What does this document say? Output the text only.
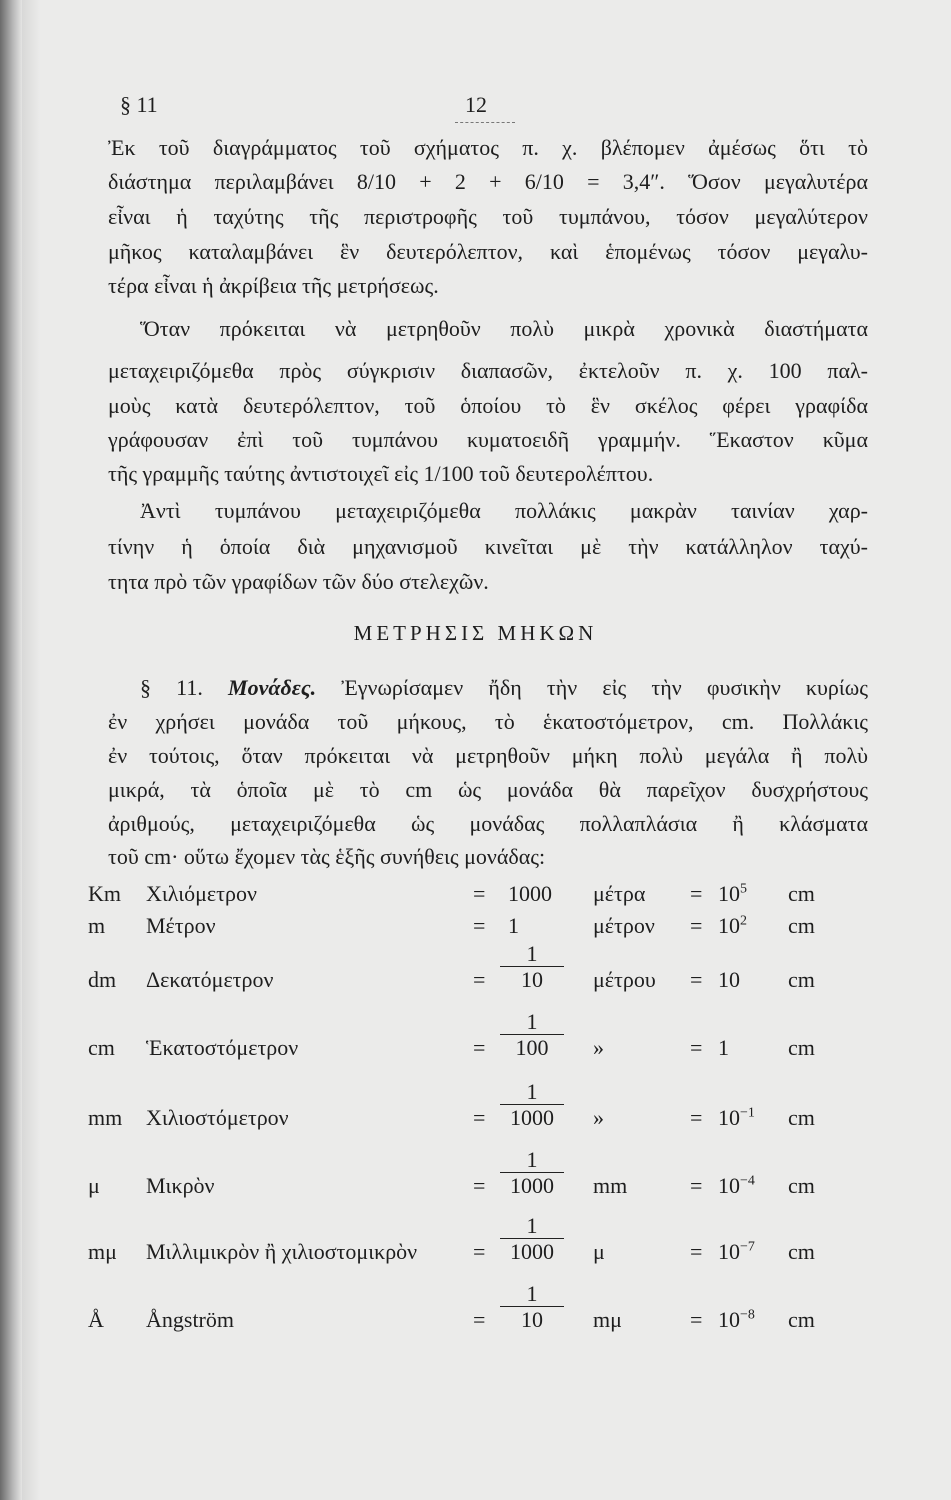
§ 11	12
Ἐκ τοῦ διαγράμματος τοῦ σχήματος π. χ. βλέπομεν ἀμέσως ὅτι τὸ
διάστημα περιλαμβάνει 8/10 + 2 + 6/10 = 3,4″. Ὅσον μεγαλυτέρα
εἶναι ἡ ταχύτης τῆς περιστροφῆς τοῦ τυμπάνου, τόσον μεγαλύτερον
μῆκος καταλαμβάνει ἓν δευτερόλεπτον, καὶ ἑπομένως τόσον μεγαλυ-
τέρα εἶναι ἡ ἀκρίβεια τῆς μετρήσεως.
Ὅταν πρόκειται νὰ μετρηθοῦν πολὺ μικρὰ χρονικὰ διαστήματα
μεταχειριζόμεθα πρὸς σύγκρισιν διαπασῶν, ἐκτελοῦν π. χ. 100 παλ-
μοὺς κατὰ δευτερόλεπτον, τοῦ ὁποίου τὸ ἓν σκέλος φέρει γραφίδα
γράφουσαν ἐπὶ τοῦ τυμπάνου κυματοειδῆ γραμμήν. Ἕκαστον κῦμα
τῆς γραμμῆς ταύτης ἀντιστοιχεῖ εἰς 1/100 τοῦ δευτερολέπτου.
Ἀντὶ τυμπάνου μεταχειριζόμεθα πολλάκις μακρὰν ταινίαν χαρ-
τίνην ἡ ὁποία διὰ μηχανισμοῦ κινεῖται μὲ τὴν κατάλληλον ταχύ-
τητα πρὸ τῶν γραφίδων τῶν δύο στελεχῶν.
ΜΕΤΡΗΣΙΣ ΜΗΚΩΝ
§ 11. Μονάδες. Ἐγνωρίσαμεν ἤδη τὴν εἰς τὴν φυσικὴν κυρίως
ἐν χρήσει μονάδα τοῦ μήκους, τὸ ἑκατοστόμετρον, cm. Πολλάκις
ἐν τούτοις, ὅταν πρόκειται νὰ μετρηθοῦν μήκη πολὺ μεγάλα ἢ πολὺ
μικρά, τὰ ὁποῖα μὲ τὸ cm ὡς μονάδα θὰ παρεῖχον δυσχρήστους
ἀριθμούς, μεταχειριζόμεθα ὡς μονάδας πολλαπλάσια ἢ κλάσματα
τοῦ cm· οὕτω ἔχομεν τὰς ἑξῆς συνήθεις μονάδας:
Km Χιλιόμετρον	= 1000 $\mu έ\tau\rho\alpha = 10^5$ cm
m Μέτρον	= 1	$\mu έ\tau\rho o\nu = 10^2$ cm
dm Δεκατόμετρον	= $\frac{1}{10}$ μέτρου = 10 cm
cm Ἑκατοστόμετρον	= $\frac{1}{100}$ »	= 1	cm
mm Χιλιοστόμετρον	= $\frac{1}{1000}$ »	= $10^{-1}$ cm
μ Μικρὸν	= $\frac{1}{1000}$ mm	= $10^{-4}$ cm
mμ Μιλλιμικρὸν ἢ χιλιοστομικρὸν	= $\frac{1}{1000}$ μ	= $10^{-7}$ cm
Å Ångström	= $\frac{1}{10}$ mμ	= $10^{-8}$ cm
